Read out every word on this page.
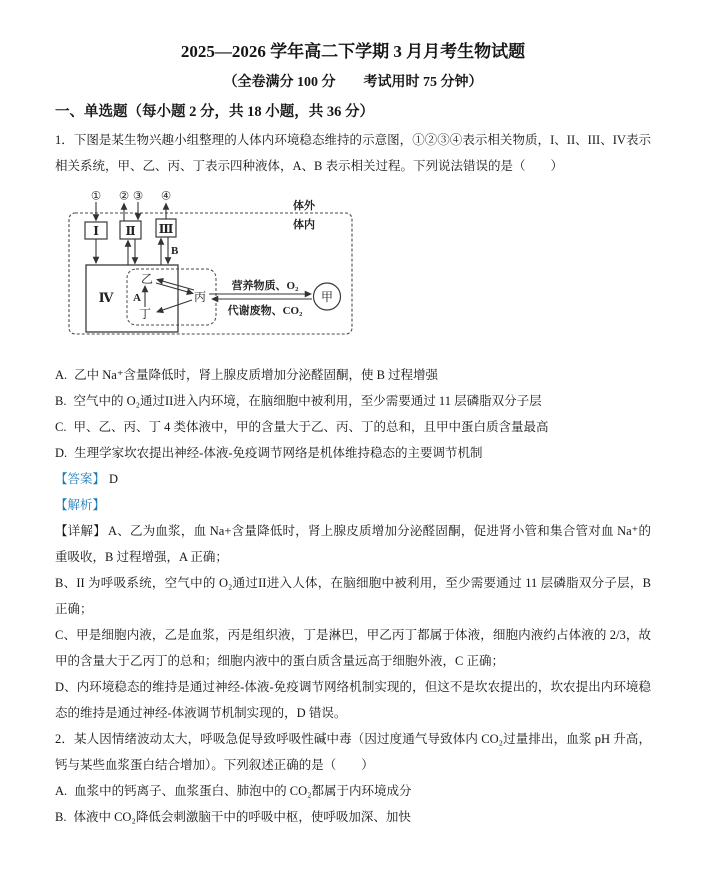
2025—2026 学年高二下学期 3 月月考生物试题

（全卷满分 100 分　　考试用时 75 分钟）

一、单选题（每小题 2 分，共 18 小题，共 36 分）

1．下图是某生物兴趣小组整理的人体内环境稳态维持的示意图，①②③④表示相关物质，I、II、III、IV表示相关系统，甲、乙、丙、丁表示四种液体，A、B 表示相关过程。下列说法错误的是（　　）

① ② ③ ④
体外
体内
Ⅰ Ⅱ Ⅲ
Ⅳ
乙
丁
丙
A
B
甲
营养物质、O₂
代谢废物、CO₂

A. 乙中 Na⁺含量降低时，肾上腺皮质增加分泌醛固酮，使 B 过程增强

B. 空气中的 O₂通过II进入内环境，在脑细胞中被利用，至少需要通过 11 层磷脂双分子层

C. 甲、乙、丙、丁 4 类体液中，甲的含量大于乙、丙、丁的总和，且甲中蛋白质含量最高

D. 生理学家坎农提出神经-体液-免疫调节网络是机体维持稳态的主要调节机制

【答案】 D

【解析】

【详解】 A、乙为血浆，血 Na+含量降低时，肾上腺皮质增加分泌醛固酮，促进肾小管和集合管对血 Na⁺的重吸收，B 过程增强，A 正确；

B、II 为呼吸系统，空气中的 O₂通过II进入人体，在脑细胞中被利用，至少需要通过 11 层磷脂双分子层，B 正确；

C、甲是细胞内液，乙是血浆，丙是组织液，丁是淋巴，甲乙丙丁都属于体液，细胞内液约占体液的 2/3，故甲的含量大于乙丙丁的总和；细胞内液中的蛋白质含量远高于细胞外液，C 正确；

D、内环境稳态的维持是通过神经-体液-免疫调节网络机制实现的，但这不是坎农提出的，坎农提出内环境稳态的维持是通过神经-体液调节机制实现的，D 错误。

2．某人因情绪波动太大，呼吸急促导致呼吸性碱中毒（因过度通气导致体内 CO₂过量排出，血浆 pH 升高，钙与某些血浆蛋白结合增加）。下列叙述正确的是（　　）

A. 血浆中的钙离子、血浆蛋白、肺泡中的 CO₂都属于内环境成分

B. 体液中 CO₂降低会刺激脑干中的呼吸中枢，使呼吸加深、加快
